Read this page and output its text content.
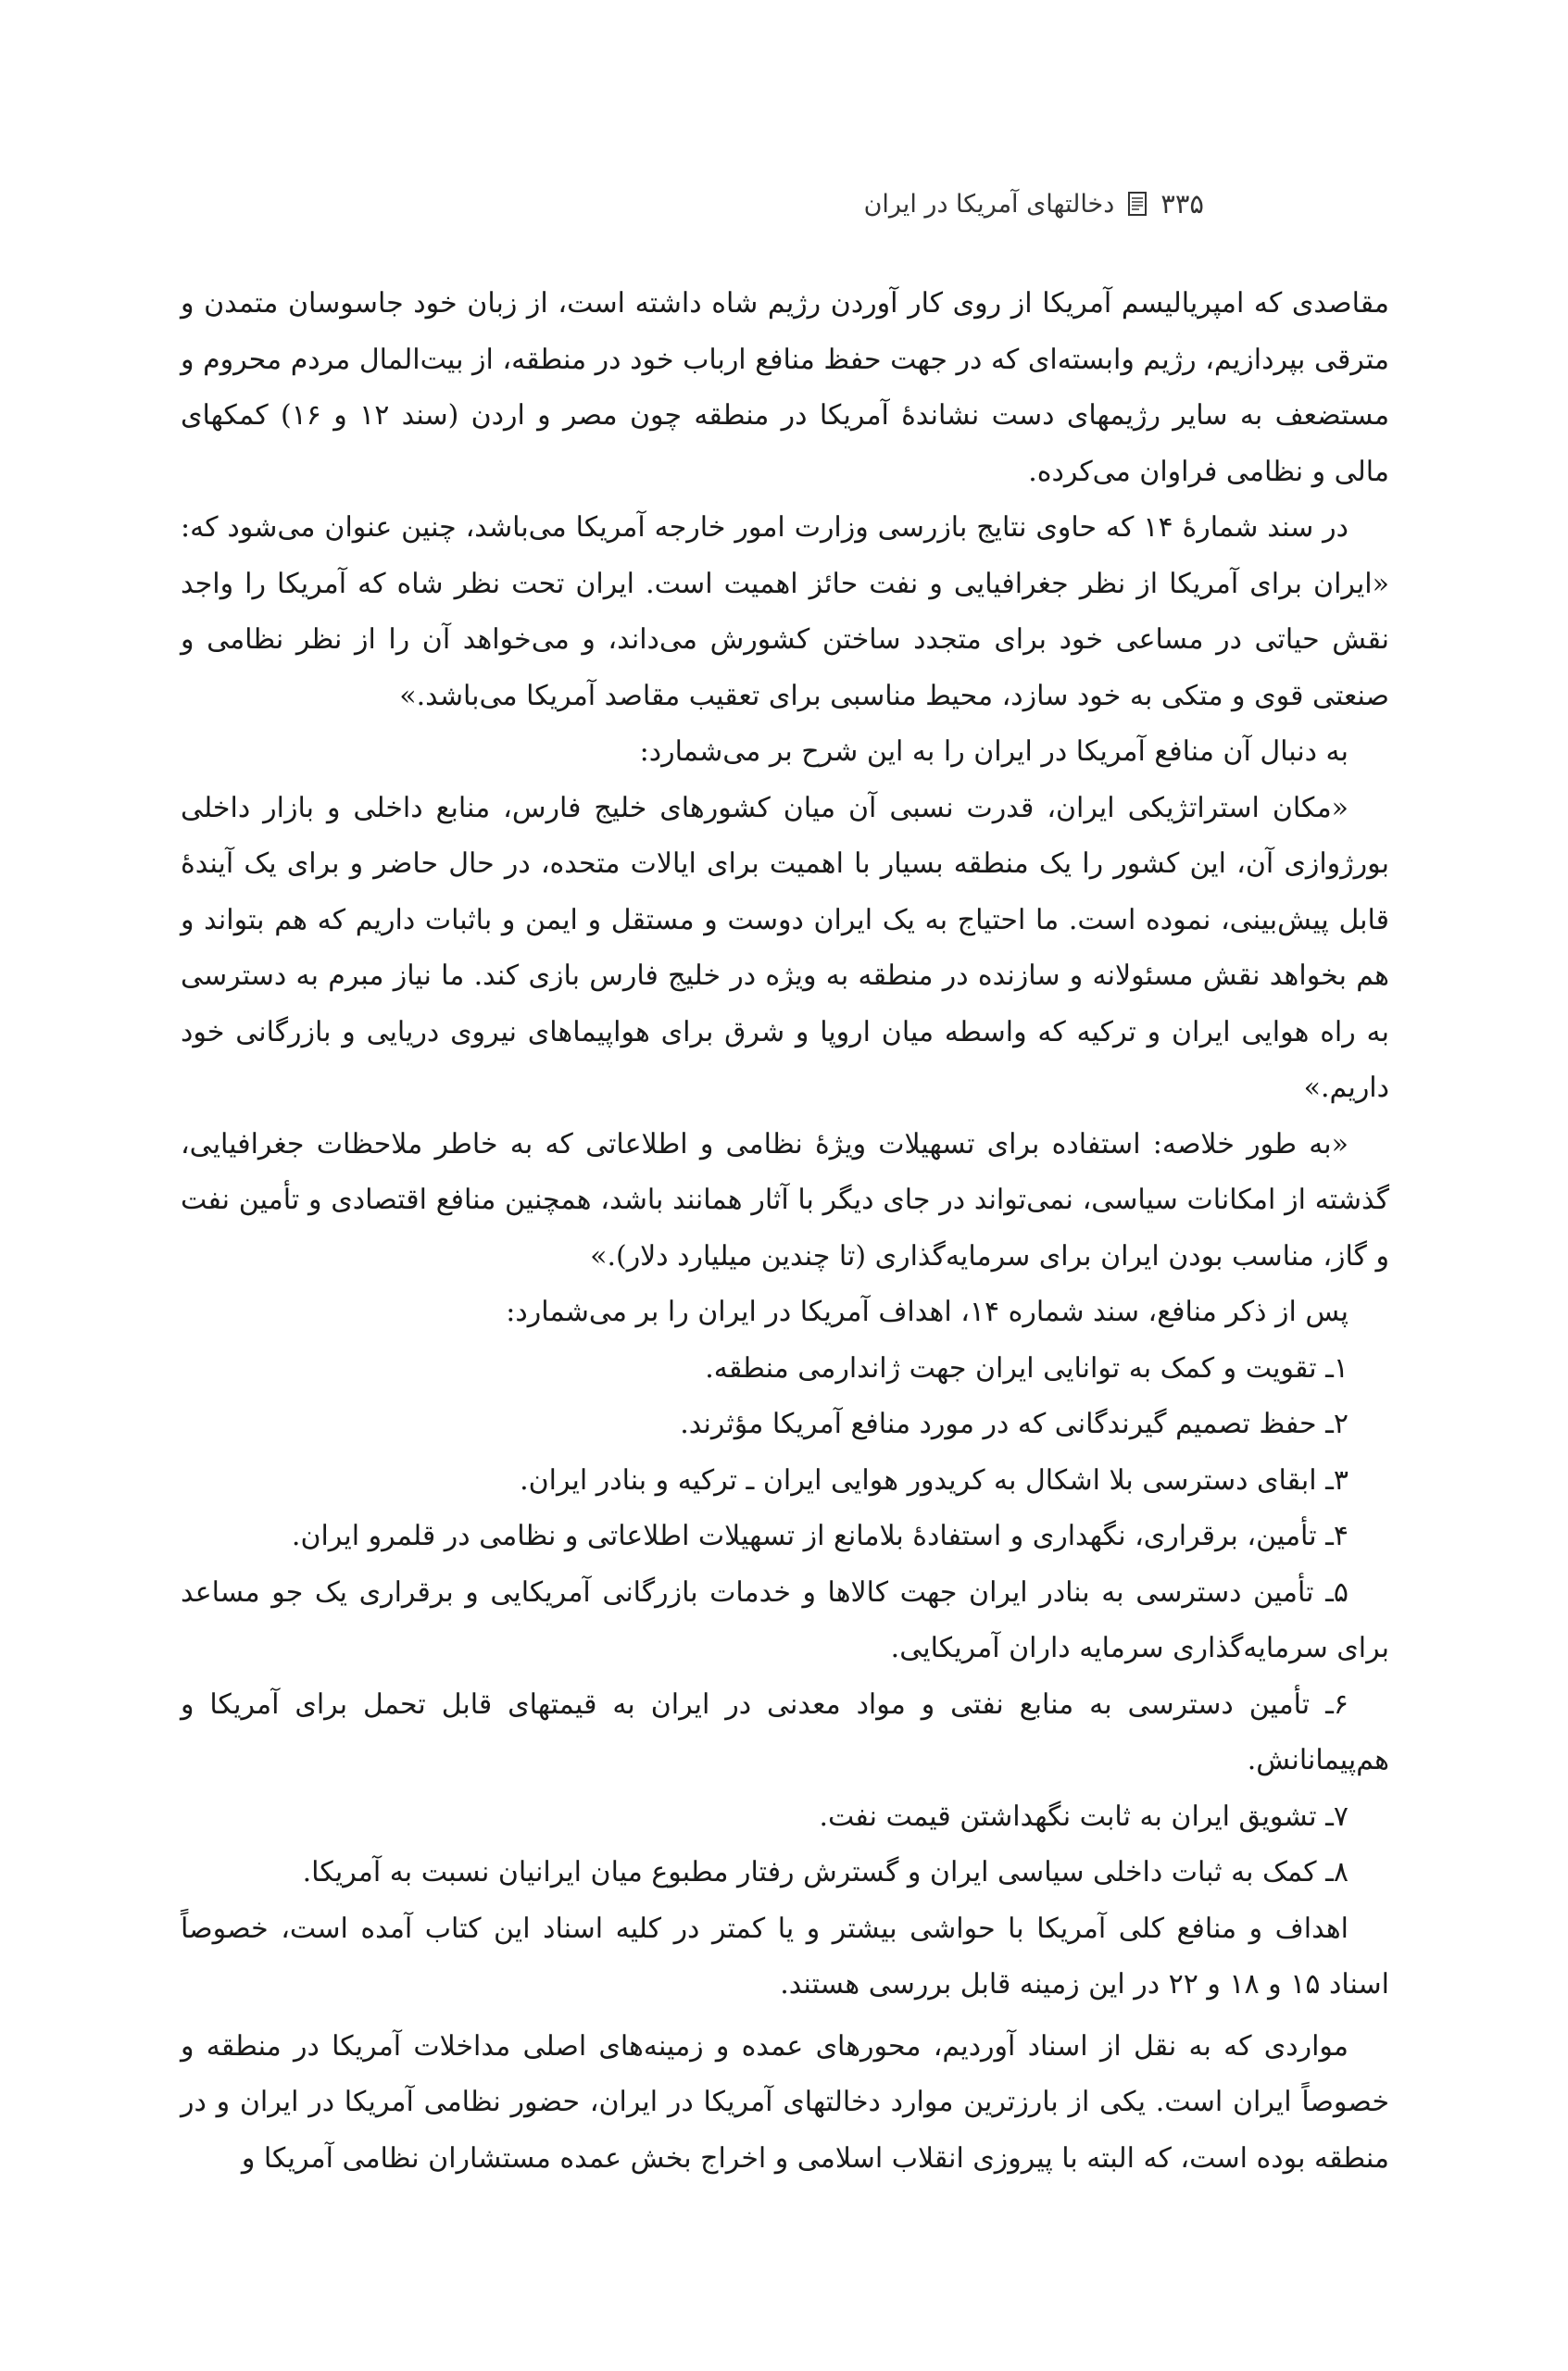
۳۳۵
دخالتهای آمریکا در ایران

مقاصدی که امپریالیسم آمریکا از روی کار آوردن رژیم شاه داشته است، از زبان خود جاسوسان متمدن و مترقی بپردازیم، رژیم وابسته‌ای که در جهت حفظ منافع ارباب خود در منطقه، از بیت‌المال مردم محروم و مستضعف به سایر رژیمهای دست نشاندهٔ آمریکا در منطقه چون مصر و اردن (سند ۱۲ و ۱۶) کمکهای مالی و نظامی فراوان می‌کرده.

در سند شمارهٔ ۱۴ که حاوی نتایج بازرسی وزارت امور خارجه آمریکا می‌باشد، چنین عنوان می‌شود که: «ایران برای آمریکا از نظر جغرافیایی و نفت حائز اهمیت است. ایران تحت نظر شاه که آمریکا را واجد نقش حیاتی در مساعی خود برای متجدد ساختن کشورش می‌داند، و می‌خواهد آن را از نظر نظامی و صنعتی قوی و متکی به خود سازد، محیط مناسبی برای تعقیب مقاصد آمریکا می‌باشد.»

به دنبال آن منافع آمریکا در ایران را به این شرح بر می‌شمارد:

«مکان استراتژیکی ایران، قدرت نسبی آن میان کشورهای خلیج فارس، منابع داخلی و بازار داخلی بورژوازی آن، این کشور را یک منطقه بسیار با اهمیت برای ایالات متحده، در حال حاضر و برای یک آیندهٔ قابل پیش‌بینی، نموده است. ما احتیاج به یک ایران دوست و مستقل و ایمن و باثبات داریم که هم بتواند و هم بخواهد نقش مسئولانه و سازنده در منطقه به ویژه در خلیج فارس بازی کند. ما نیاز مبرم به دسترسی به راه هوایی ایران و ترکیه که واسطه میان اروپا و شرق برای هواپیماهای نیروی دریایی و بازرگانی خود داریم.»

«به طور خلاصه: استفاده برای تسهیلات ویژهٔ نظامی و اطلاعاتی که به خاطر ملاحظات جغرافیایی، گذشته از امکانات سیاسی، نمی‌تواند در جای دیگر با آثار همانند باشد، همچنین منافع اقتصادی و تأمین نفت و گاز، مناسب بودن ایران برای سرمایه‌گذاری (تا چندین میلیارد دلار).»

پس از ذکر منافع، سند شماره ۱۴، اهداف آمریکا در ایران را بر می‌شمارد:

۱ـ تقویت و کمک به توانایی ایران جهت ژاندارمی منطقه.

۲ـ حفظ تصمیم گیرندگانی که در مورد منافع آمریکا مؤثرند.

۳ـ ابقای دسترسی بلا اشکال به کریدور هوایی ایران ـ ترکیه و بنادر ایران.

۴ـ تأمین، برقراری، نگهداری و استفادهٔ بلامانع از تسهیلات اطلاعاتی و نظامی در قلمرو ایران.

۵ـ تأمین دسترسی به بنادر ایران جهت کالاها و خدمات بازرگانی آمریکایی و برقراری یک جو مساعد برای سرمایه‌گذاری سرمایه داران آمریکایی.

۶ـ تأمین دسترسی به منابع نفتی و مواد معدنی در ایران به قیمتهای قابل تحمل برای آمریکا و هم‌پیمانانش.

۷ـ تشویق ایران به ثابت نگهداشتن قیمت نفت.

۸ـ کمک به ثبات داخلی سیاسی ایران و گسترش رفتار مطبوع میان ایرانیان نسبت به آمریکا.

اهداف و منافع کلی آمریکا با حواشی بیشتر و یا کمتر در کلیه اسناد این کتاب آمده است، خصوصاً اسناد ۱۵ و ۱۸ و ۲۲ در این زمینه قابل بررسی هستند.

مواردی که به نقل از اسناد آوردیم، محورهای عمده و زمینه‌های اصلی مداخلات آمریکا در منطقه و خصوصاً ایران است. یکی از بارزترین موارد دخالتهای آمریکا در ایران، حضور نظامی آمریکا در ایران و در منطقه بوده است، که البته با پیروزی انقلاب اسلامی و اخراج بخش عمده مستشاران نظامی آمریکا و
